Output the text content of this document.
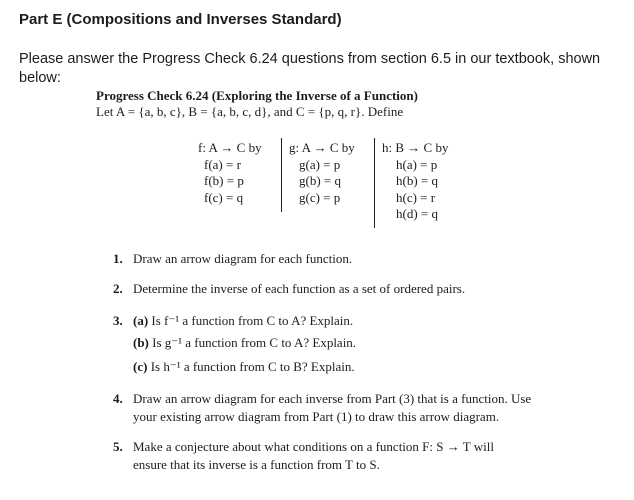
Part E (Compositions and Inverses Standard)
Please answer the Progress Check 6.24 questions from section 6.5 in our textbook, shown below:
Progress Check 6.24 (Exploring the Inverse of a Function)
Let A = {a, b, c}, B = {a, b, c, d}, and C = {p, q, r}. Define
f: A → C by
f(a) = r
f(b) = p
f(c) = q
g: A → C by
g(a) = p
g(b) = q
g(c) = p
h: B → C by
h(a) = p
h(b) = q
h(c) = r
h(d) = q
1. Draw an arrow diagram for each function.
2. Determine the inverse of each function as a set of ordered pairs.
3. (a) Is f⁻¹ a function from C to A? Explain.
(b) Is g⁻¹ a function from C to A? Explain.
(c) Is h⁻¹ a function from C to B? Explain.
4. Draw an arrow diagram for each inverse from Part (3) that is a function. Use
your existing arrow diagram from Part (1) to draw this arrow diagram.
5. Make a conjecture about what conditions on a function F: S → T will
ensure that its inverse is a function from T to S.
